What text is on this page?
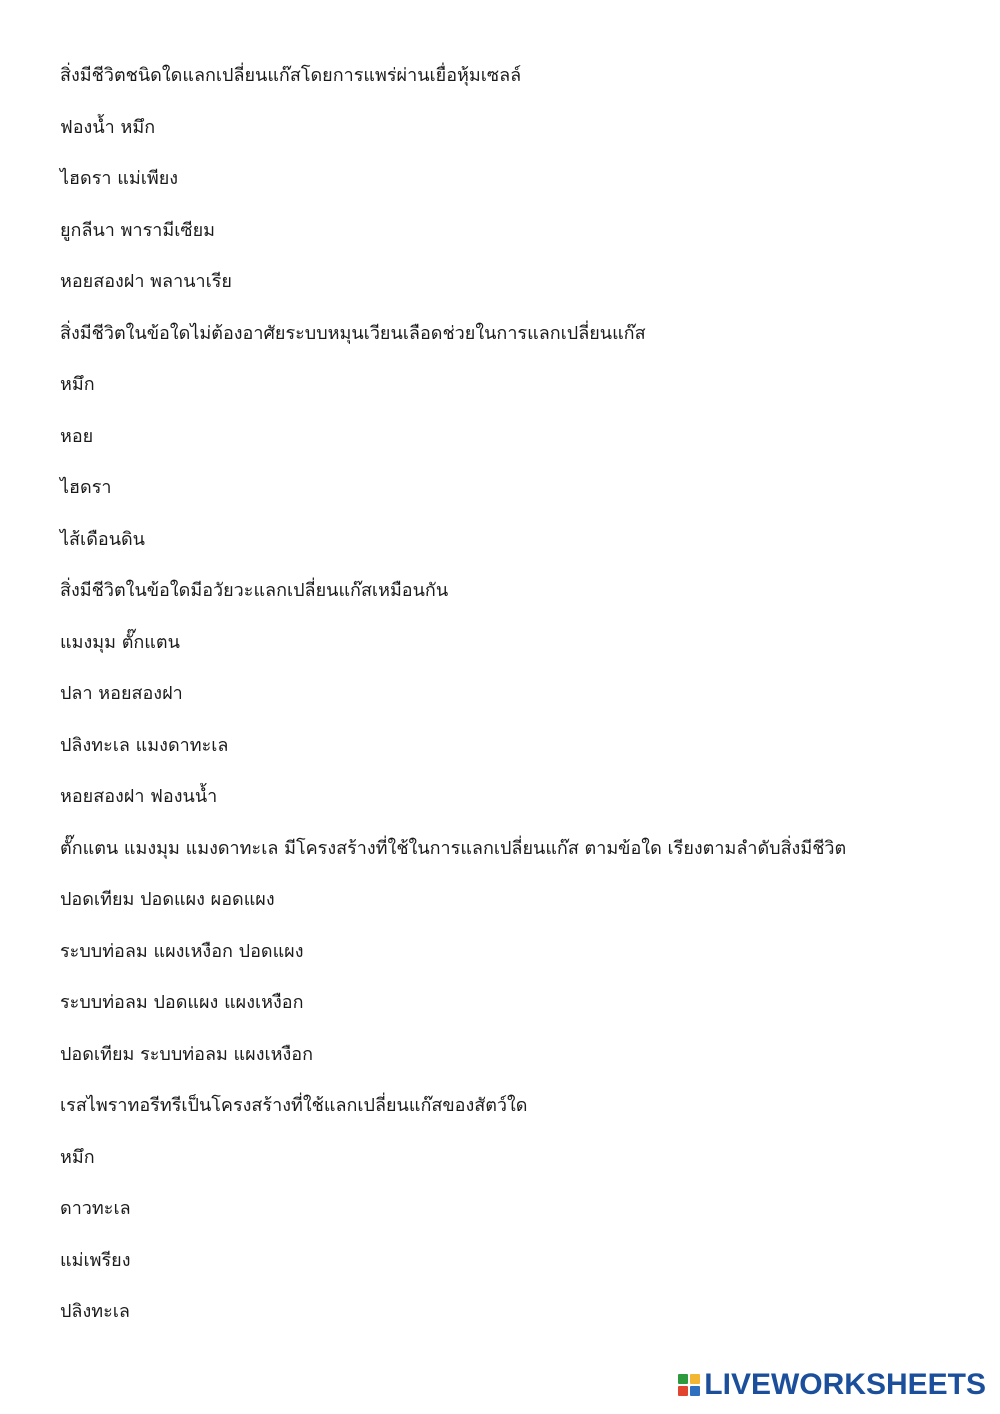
สิ่งมีชีวิตชนิดใดแลกเปลี่ยนแก๊สโดยการแพร่ผ่านเยื่อหุ้มเซลล์
ฟองน้ำ หมึก
ไฮดรา แม่เพียง
ยูกลีนา พารามีเซียม
หอยสองฝา พลานาเรีย
สิ่งมีชีวิตในข้อใดไม่ต้องอาศัยระบบหมุนเวียนเลือดช่วยในการแลกเปลี่ยนแก๊ส
หมึก
หอย
ไฮดรา
ไส้เดือนดิน
สิ่งมีชีวิตในข้อใดมีอวัยวะแลกเปลี่ยนแก๊สเหมือนกัน
แมงมุม ตั๊กแตน
ปลา หอยสองฝา
ปลิงทะเล แมงดาทะเล
หอยสองฝา ฟองนน้ำ
ตั๊กแตน แมงมุม แมงดาทะเล มีโครงสร้างที่ใช้ในการแลกเปลี่ยนแก๊ส ตามข้อใด เรียงตามลำดับสิ่งมีชีวิต
ปอดเทียม ปอดแผง ผอดแผง
ระบบท่อลม แผงเหงือก ปอดแผง
ระบบท่อลม ปอดแผง แผงเหงือก
ปอดเทียม ระบบท่อลม แผงเหงือก
เรสไพราทอรีทรีเป็นโครงสร้างที่ใช้แลกเปลี่ยนแก๊สของสัตว์ใด
หมึก
ดาวทะเล
แม่เพรียง
ปลิงทะเล
LIVEWORKSHEETS
